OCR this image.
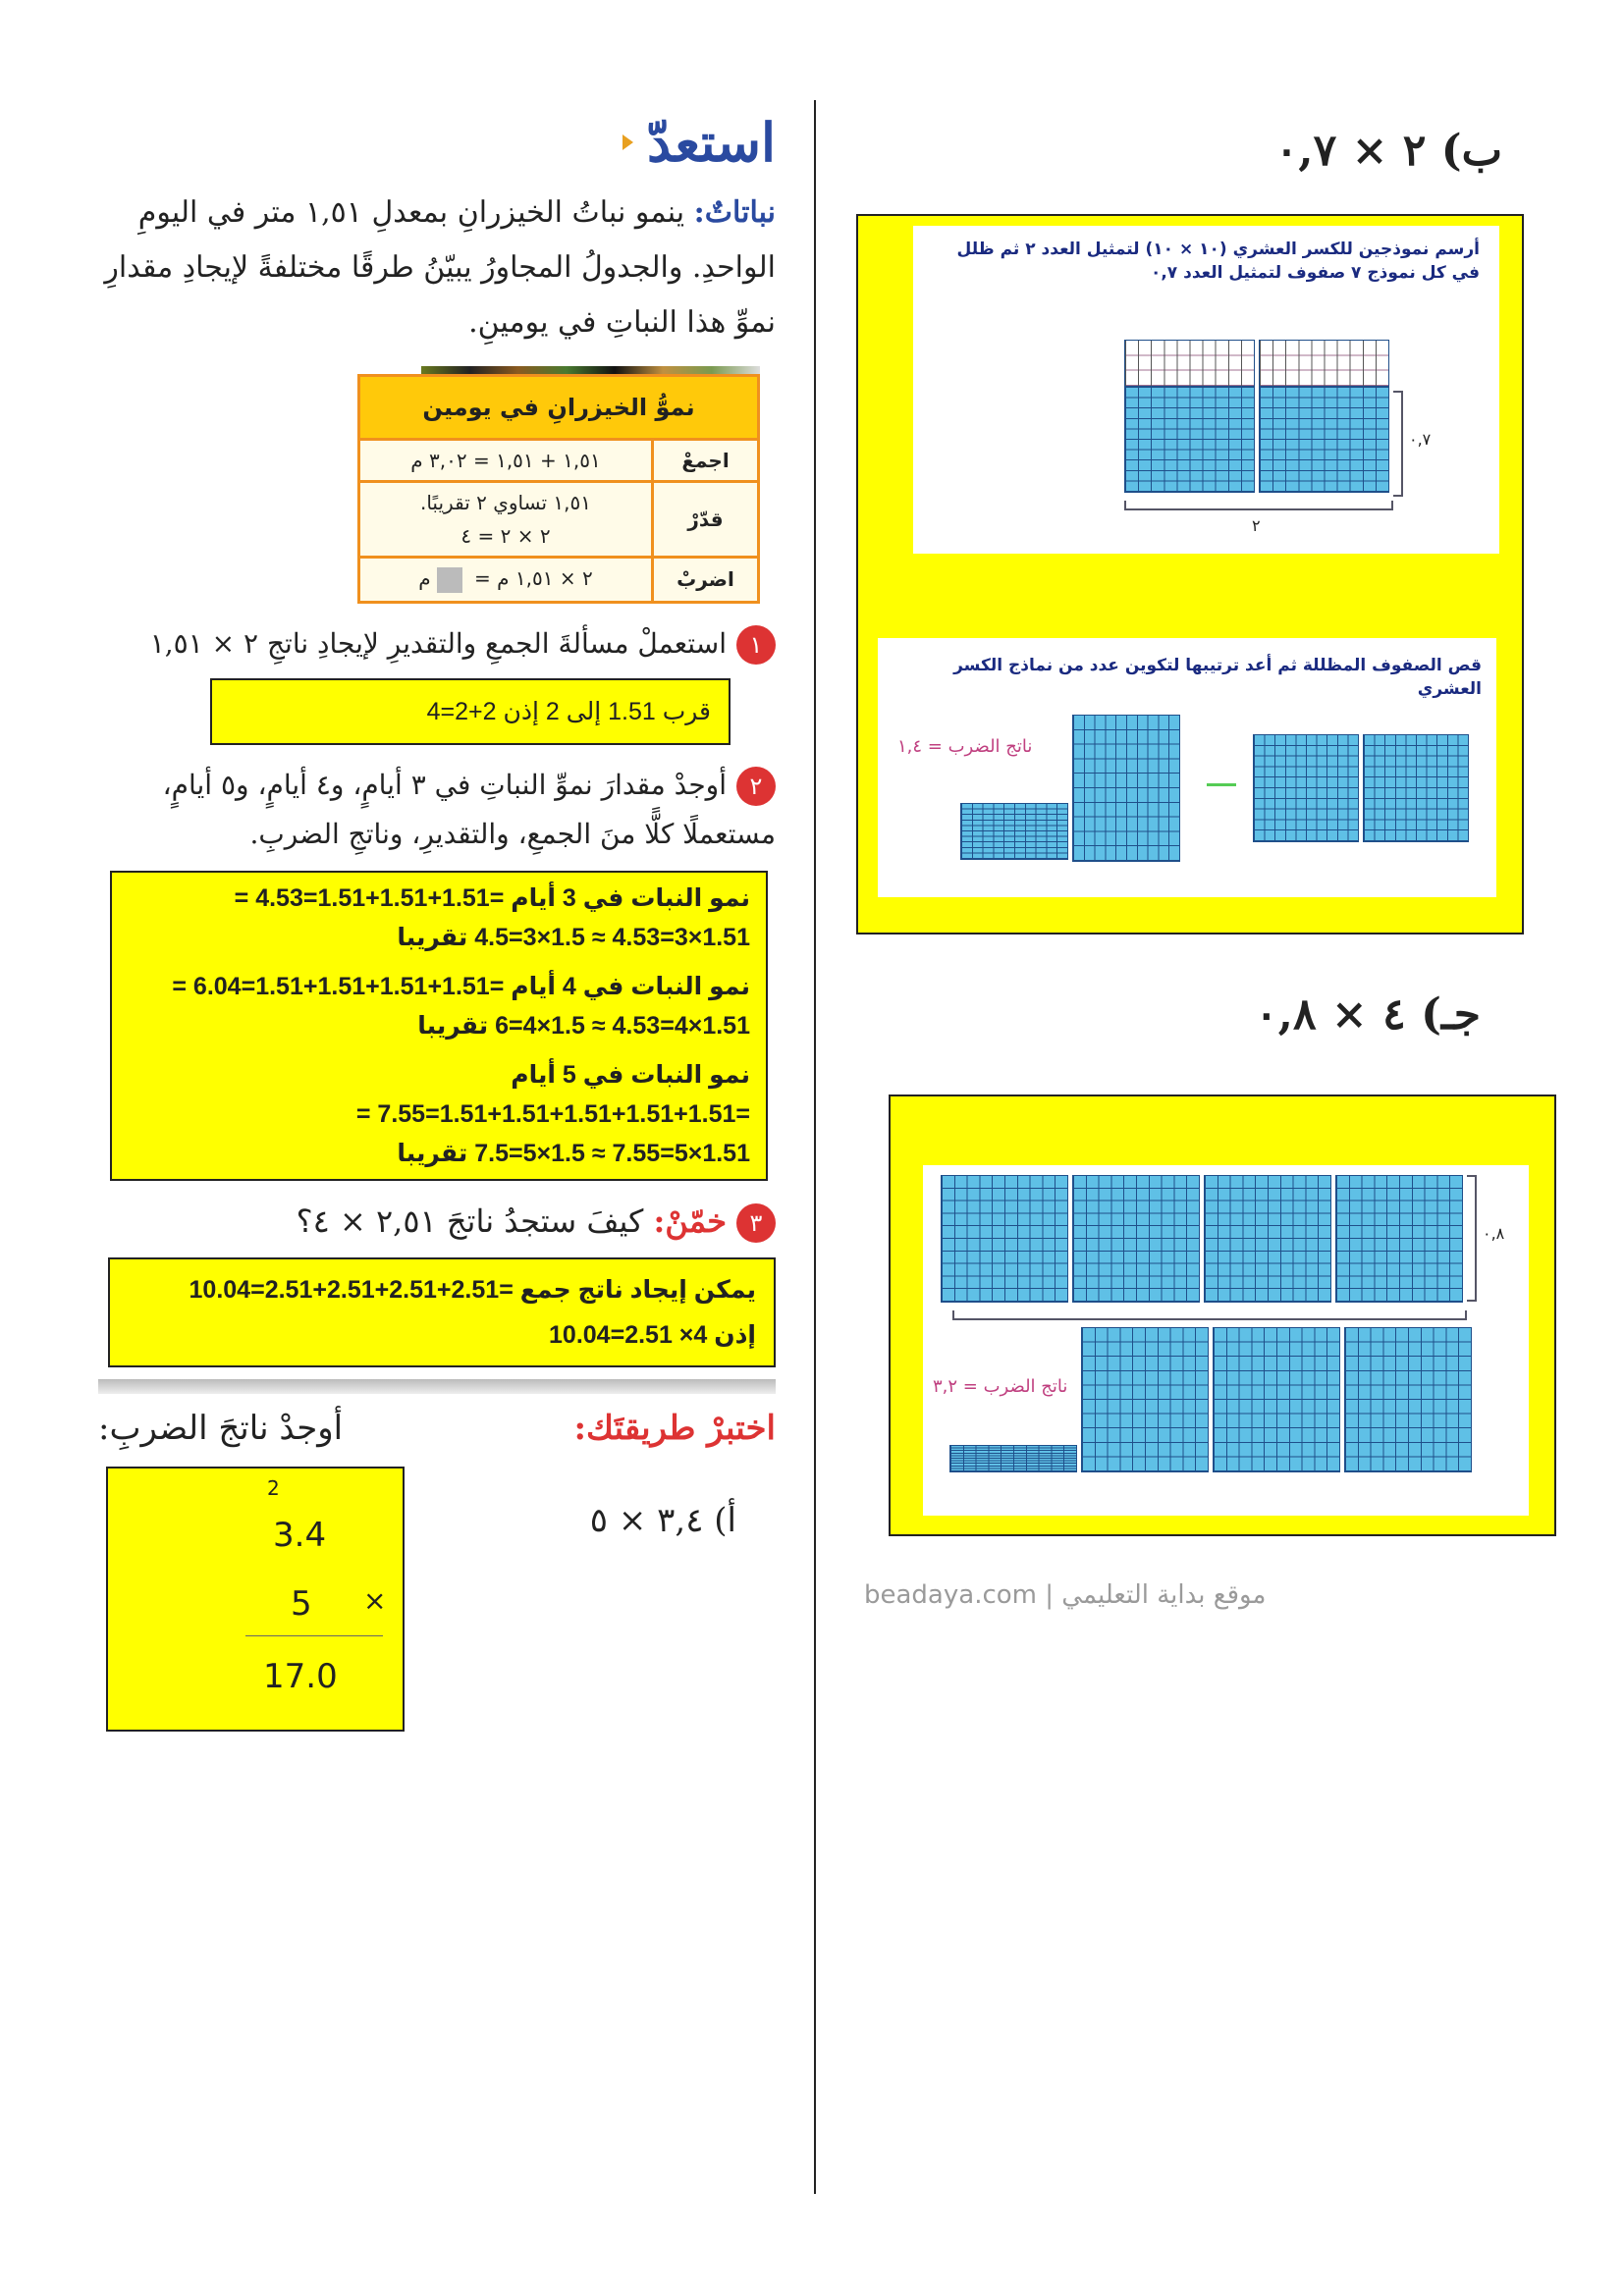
استعدّ
نباتاتٌ: ينمو نباتُ الخيزرانِ بمعدلِ ١,٥١ متر في اليومِ الواحدِ. والجدولُ المجاورُ يبيّنُ طرقًا مختلفةً لإيجادِ مقدارِ نموِّ هذا النباتِ في يومينِ.
نموُّ الخيزرانِ في يومين	
اجمعْ	١,٥١ + ١,٥١ = ٣,٠٢ م
قدّرْ	١,٥١ تساوي ٢ تقريبًا.
٢ × ٢ = ٤

اضربْ	٢ × ١,٥١ م = م
١استعملْ مسألةَ الجمعِ والتقديرِ لإيجادِ ناتجِ ٢ × ١,٥١
قرب 1.51 إلى 2 إذن 2+2=4
٢أوجدْ مقدارَ نموِّ النباتِ في ٣ أيامٍ، و٤ أيامٍ، و٥ أيامٍ، مستعملًا كلًّا منَ الجمعِ، والتقديرِ، وناتجِ الضربِ.
نمو النبات في 3 أيام =1.51+1.51+1.51=4.53 =
1.51×3=4.53 ≈ 1.5×3=4.5 تقريبا
نمو النبات في 4 أيام =1.51+1.51+1.51+1.51=6.04 =
1.51×4=4.53 ≈ 1.5×4=6 تقريبا
نمو النبات في 5 أيام
=1.51+1.51+1.51+1.51+1.51=7.55 =
1.51×5=7.55 ≈ 1.5×5=7.5 تقريبا
٣خمّنْ: كيفَ ستجدُ ناتجَ ٢,٥١ × ٤؟
يمكن إيجاد ناتج جمع =2.51+2.51+2.51+2.51=10.04
إذن 4× 2.51=10.04
اختبرْ طريقتَك:
أوجدْ ناتجَ الضربِ:
أ) ٣,٤ × ٥
2
3.4
5 ×
17.0
ب) ٢ × ٠,٧
أرسم نموذجين للكسر العشري (١٠ × ١٠) لتمثيل العدد ٢ ثم ظلل في كل نموذج ٧ صفوف لتمثيل العدد ٠,٧
٠,٧
٢
قص الصفوف المظللة ثم أعد ترتيبها لتكوين عدد من نماذج الكسر العشري
ناتج الضرب = ١,٤
جـ) ٤ × ٠,٨
٠,٨
ناتج الضرب = ٣,٢
beadaya.com | موقع بداية التعليمي
